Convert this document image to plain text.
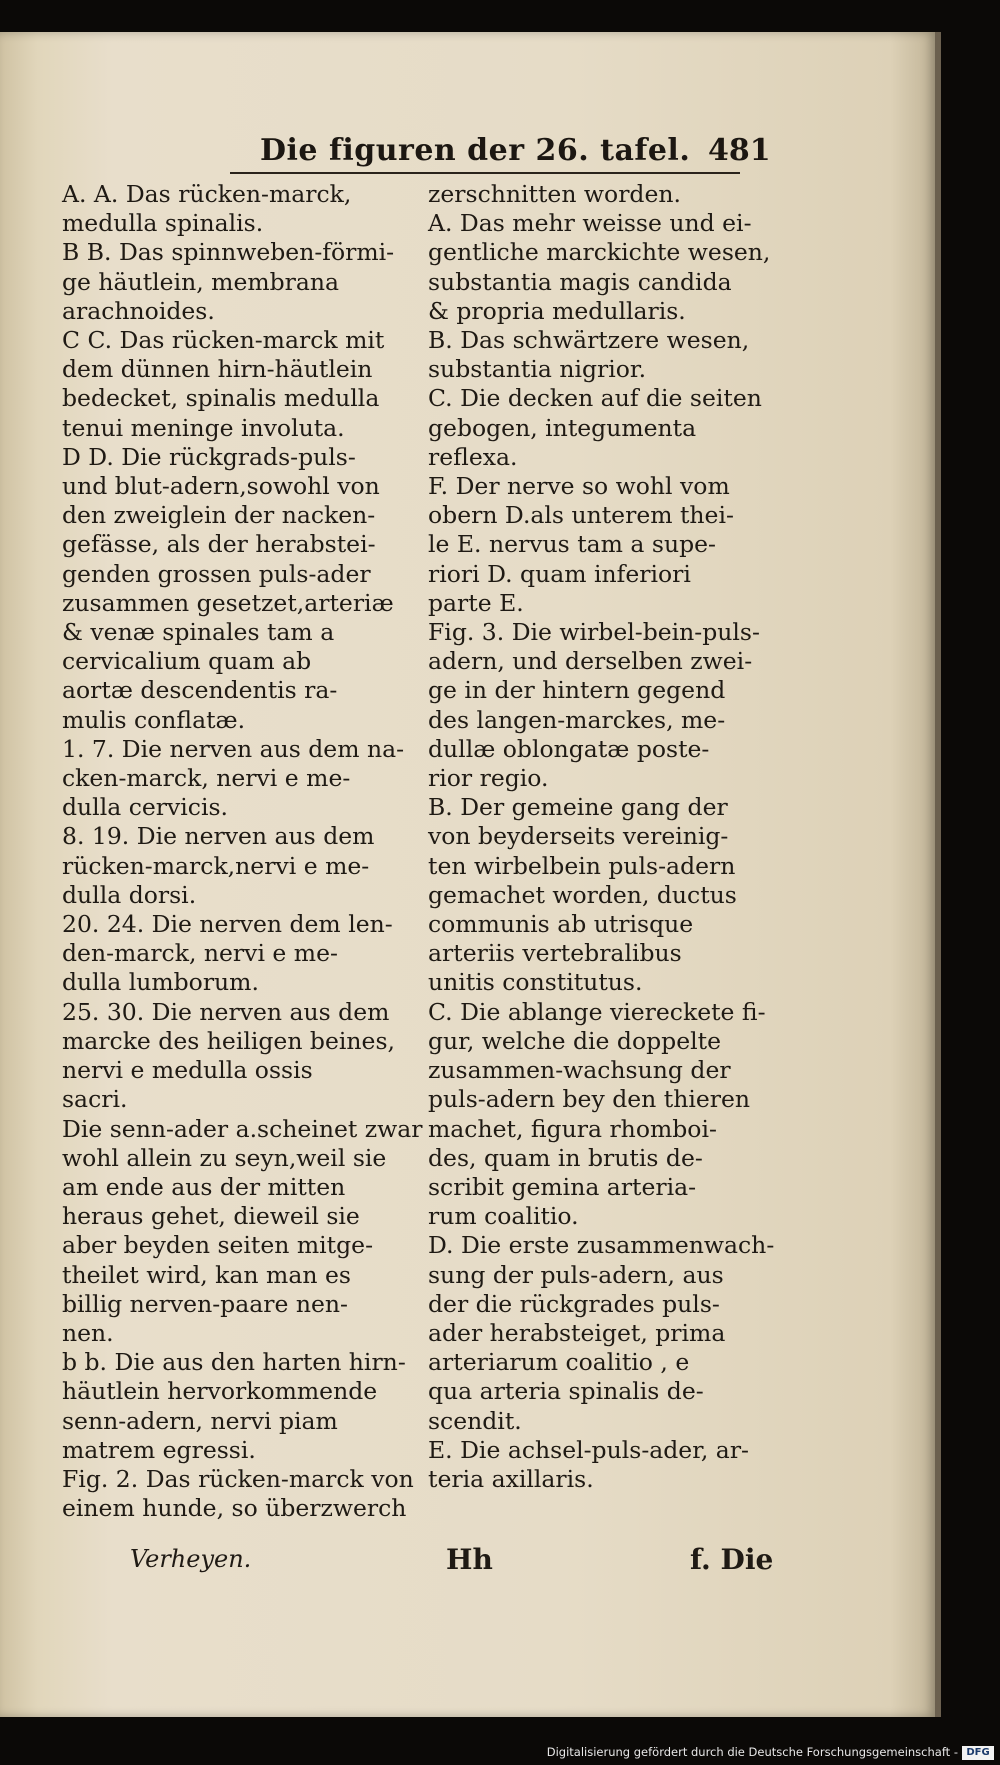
Die figuren der 26. tafel. 481
A. A. Das rücken-marck,
medulla spinalis.
B B. Das spinnweben-förmi-
ge häutlein, membrana
arachnoides.
C C. Das rücken-marck mit
dem dünnen hirn-häutlein
bedecket, spinalis medulla
tenui meninge involuta.
D D. Die rückgrads-puls-
und blut-adern,sowohl von
den zweiglein der nacken-
gefässe, als der herabstei-
genden grossen puls-ader
zusammen gesetzet,arteriæ
& venæ spinales tam a
cervicalium quam ab
aortæ descendentis ra-
mulis conflatæ.
1. 7. Die nerven aus dem na-
cken-marck, nervi e me-
dulla cervicis.
8. 19. Die nerven aus dem
rücken-marck,nervi e me-
dulla dorsi.
20. 24. Die nerven dem len-
den-marck, nervi e me-
dulla lumborum.
25. 30. Die nerven aus dem
marcke des heiligen beines,
nervi e medulla ossis
sacri.
Die senn-ader a.scheinet zwar
wohl allein zu seyn,weil sie
am ende aus der mitten
heraus gehet, dieweil sie
aber beyden seiten mitge-
theilet wird, kan man es
billig nerven-paare nen-
nen.
b b. Die aus den harten hirn-
häutlein hervorkommende
senn-adern, nervi piam
matrem egressi.
Fig. 2. Das rücken-marck von
einem hunde, so überzwerch
zerschnitten worden.
A. Das mehr weisse und ei-
gentliche marckichte wesen,
substantia magis candida
& propria medullaris.
B. Das schwärtzere wesen,
substantia nigrior.
C. Die decken auf die seiten
gebogen, integumenta
reflexa.
F. Der nerve so wohl vom
obern D.als unterem thei-
le E. nervus tam a supe-
riori D. quam inferiori
parte E.
Fig. 3. Die wirbel-bein-puls-
adern, und derselben zwei-
ge in der hintern gegend
des langen-marckes, me-
dullæ oblongatæ poste-
rior regio.
B. Der gemeine gang der
von beyderseits vereinig-
ten wirbelbein puls-adern
gemachet worden, ductus
communis ab utrisque
arteriis vertebralibus
unitis constitutus.
C. Die ablange viereckete fi-
gur, welche die doppelte
zusammen-wachsung der
puls-adern bey den thieren
machet, figura rhomboi-
des, quam in brutis de-
scribit gemina arteria-
rum coalitio.
D. Die erste zusammenwach-
sung der puls-adern, aus
der die rückgrades puls-
ader herabsteiget, prima
arteriarum coalitio , e
qua arteria spinalis de-
scendit.
E. Die achsel-puls-ader, ar-
teria axillaris.
Verheyen.	Hh	f. Die
Digitalisierung gefördert durch die Deutsche Forschungsgemeinschaft - DFG
